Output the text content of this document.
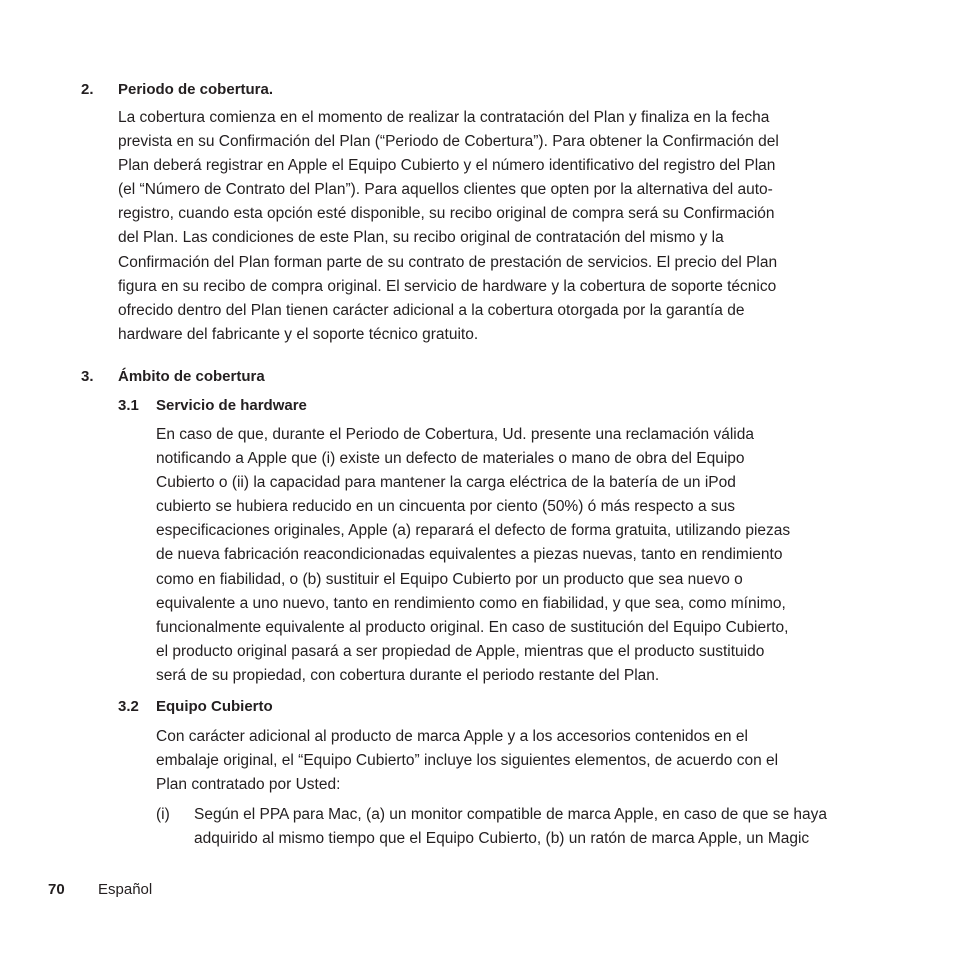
2. Periodo de cobertura.
La cobertura comienza en el momento de realizar la contratación del Plan y finaliza en la fecha
prevista en su Confirmación del Plan (“Periodo de Cobertura”). Para obtener la Confirmación del
Plan deberá registrar en Apple el Equipo Cubierto y el número identificativo del registro del Plan
(el “Número de Contrato del Plan”). Para aquellos clientes que opten por la alternativa del auto-
registro, cuando esta opción esté disponible, su recibo original de compra será su Confirmación
del Plan. Las condiciones de este Plan, su recibo original de contratación del mismo y la
Confirmación del Plan forman parte de su contrato de prestación de servicios. El precio del Plan
figura en su recibo de compra original. El servicio de hardware y la cobertura de soporte técnico
ofrecido dentro del Plan tienen carácter adicional a la cobertura otorgada por la garantía de
hardware del fabricante y el soporte técnico gratuito.
3. Ámbito de cobertura
3.1 Servicio de hardware
En caso de que, durante el Periodo de Cobertura, Ud. presente una reclamación válida
notificando a Apple que (i) existe un defecto de materiales o mano de obra del Equipo
Cubierto o (ii) la capacidad para mantener la carga eléctrica de la batería de un iPod
cubierto se hubiera reducido en un cincuenta por ciento (50%) ó más respecto a sus
especificaciones originales, Apple (a) reparará el defecto de forma gratuita, utilizando piezas
de nueva fabricación reacondicionadas equivalentes a piezas nuevas, tanto en rendimiento
como en fiabilidad, o (b) sustituir el Equipo Cubierto por un producto que sea nuevo o
equivalente a uno nuevo, tanto en rendimiento como en fiabilidad, y que sea, como mínimo,
funcionalmente equivalente al producto original. En caso de sustitución del Equipo Cubierto,
el producto original pasará a ser propiedad de Apple, mientras que el producto sustituido
será de su propiedad, con cobertura durante el periodo restante del Plan.
3.2 Equipo Cubierto
Con carácter adicional al producto de marca Apple y a los accesorios contenidos en el
embalaje original, el “Equipo Cubierto” incluye los siguientes elementos, de acuerdo con el
Plan contratado por Usted:
(i) Según el PPA para Mac, (a) un monitor compatible de marca Apple, en caso de que se haya
adquirido al mismo tiempo que el Equipo Cubierto, (b) un ratón de marca Apple, un Magic
70 Español
